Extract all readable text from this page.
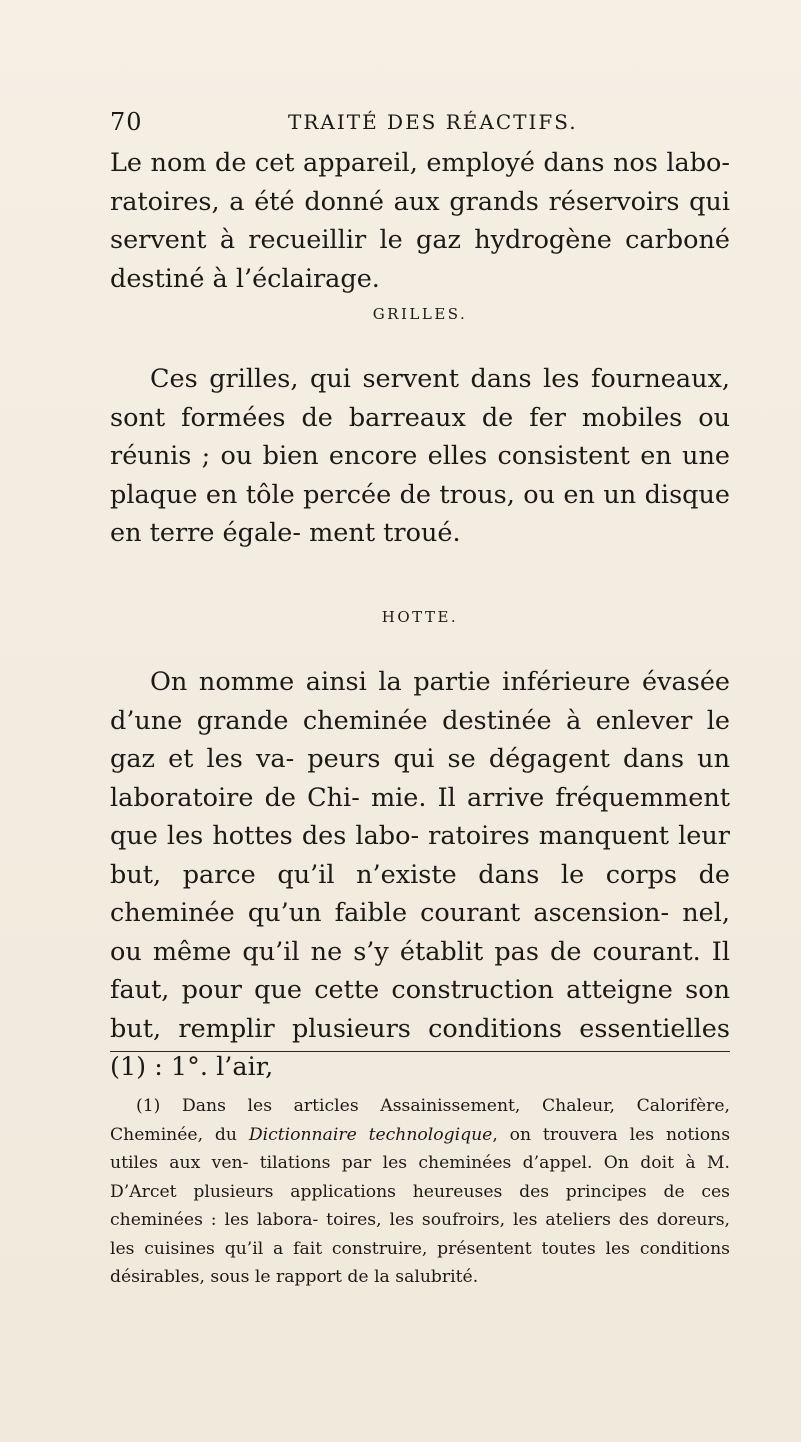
70	TRAITÉ DES RÉACTIFS.

Le nom de cet appareil, employé dans nos labo- ratoires, a été donné aux grands réservoirs qui servent à recueillir le gaz hydrogène carboné destiné à l’éclairage.

GRILLES.

Ces grilles, qui servent dans les fourneaux, sont formées de barreaux de fer mobiles ou réunis ; ou bien encore elles consistent en une plaque en tôle percée de trous, ou en un disque en terre égale- ment troué.

HOTTE.

On nomme ainsi la partie inférieure évasée d’une grande cheminée destinée à enlever le gaz et les va- peurs qui se dégagent dans un laboratoire de Chi- mie. Il arrive fréquemment que les hottes des labo- ratoires manquent leur but, parce qu’il n’existe dans le corps de cheminée qu’un faible courant ascension- nel, ou même qu’il ne s’y établit pas de courant. Il faut, pour que cette construction atteigne son but, remplir plusieurs conditions essentielles (1) : 1°. l’air,

(1) Dans les articles Assainissement, Chaleur, Calorifère, Cheminée, du Dictionnaire technologique, on trouvera les notions utiles aux ven- tilations par les cheminées d’appel. On doit à M. D’Arcet plusieurs applications heureuses des principes de ces cheminées : les labora- toires, les soufroirs, les ateliers des doreurs, les cuisines qu’il a fait construire, présentent toutes les conditions désirables, sous le rapport de la salubrité.
